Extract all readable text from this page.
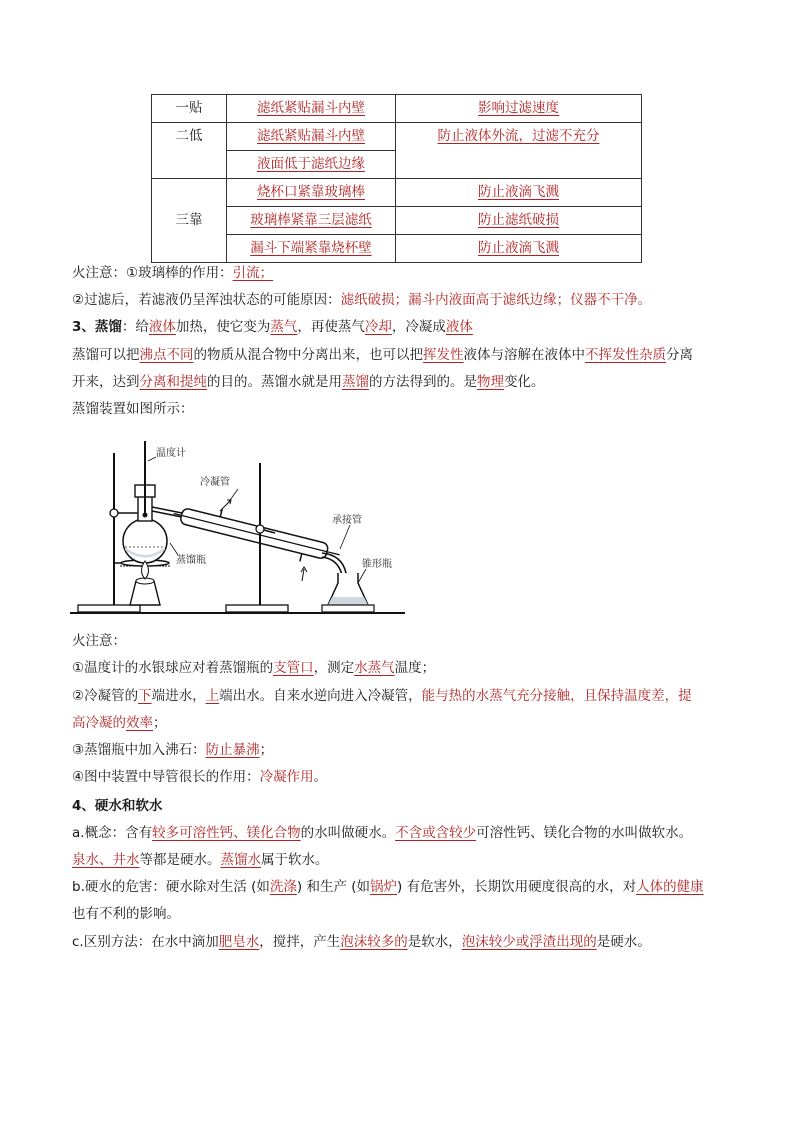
一贴	滤纸紧贴漏斗内壁	影响过滤速度
二低	滤纸紧贴漏斗内壁	防止液体外流，过滤不充分
	液面低于滤纸边缘	
三靠	烧杯口紧靠玻璃棒	防止液滴飞溅
	玻璃棒紧靠三层滤纸	防止滤纸破损
	漏斗下端紧靠烧杯壁	防止液滴飞溅
⽕注意：①玻璃棒的作用：引流；
②过滤后，若滤液仍呈浑浊状态的可能原因：滤纸破损；漏斗内液面高于滤纸边缘；仪器不干净。
3、蒸馏：给液体加热，使它变为蒸气，再使蒸气冷却，冷凝成液体
蒸馏可以把沸点不同的物质从混合物中分离出来，也可以把挥发性液体与溶解在液体中不挥发性杂质分离
开来，达到分离和提纯的目的。蒸馏水就是用蒸馏的方法得到的。是物理变化。
蒸馏装置如图所示：
温度计
冷凝管
蒸馏瓶
承接管
锥形瓶
⽕注意：
①温度计的水银球应对着蒸馏瓶的支管口，测定水蒸气温度；
②冷凝管的下端进水，上端出水。自来水逆向进入冷凝管，能与热的水蒸气充分接触，且保持温度差，提
高冷凝的效率；
③蒸馏瓶中加入沸石：防止暴沸；
④图中装置中导管很长的作用：冷凝作用。
4、硬水和软水
a.概念：含有较多可溶性钙、镁化合物的水叫做硬水。不含或含较少可溶性钙、镁化合物的水叫做软水。
泉水、井水等都是硬水。蒸馏水属于软水。
b.硬水的危害：硬水除对生活 (如洗涤) 和生产 (如锅炉) 有危害外，长期饮用硬度很高的水，对人体的健康
也有不利的影响。
c.区别方法：在水中滴加肥皂水，搅拌，产生泡沫较多的是软水，泡沫较少或浮渣出现的是硬水。
